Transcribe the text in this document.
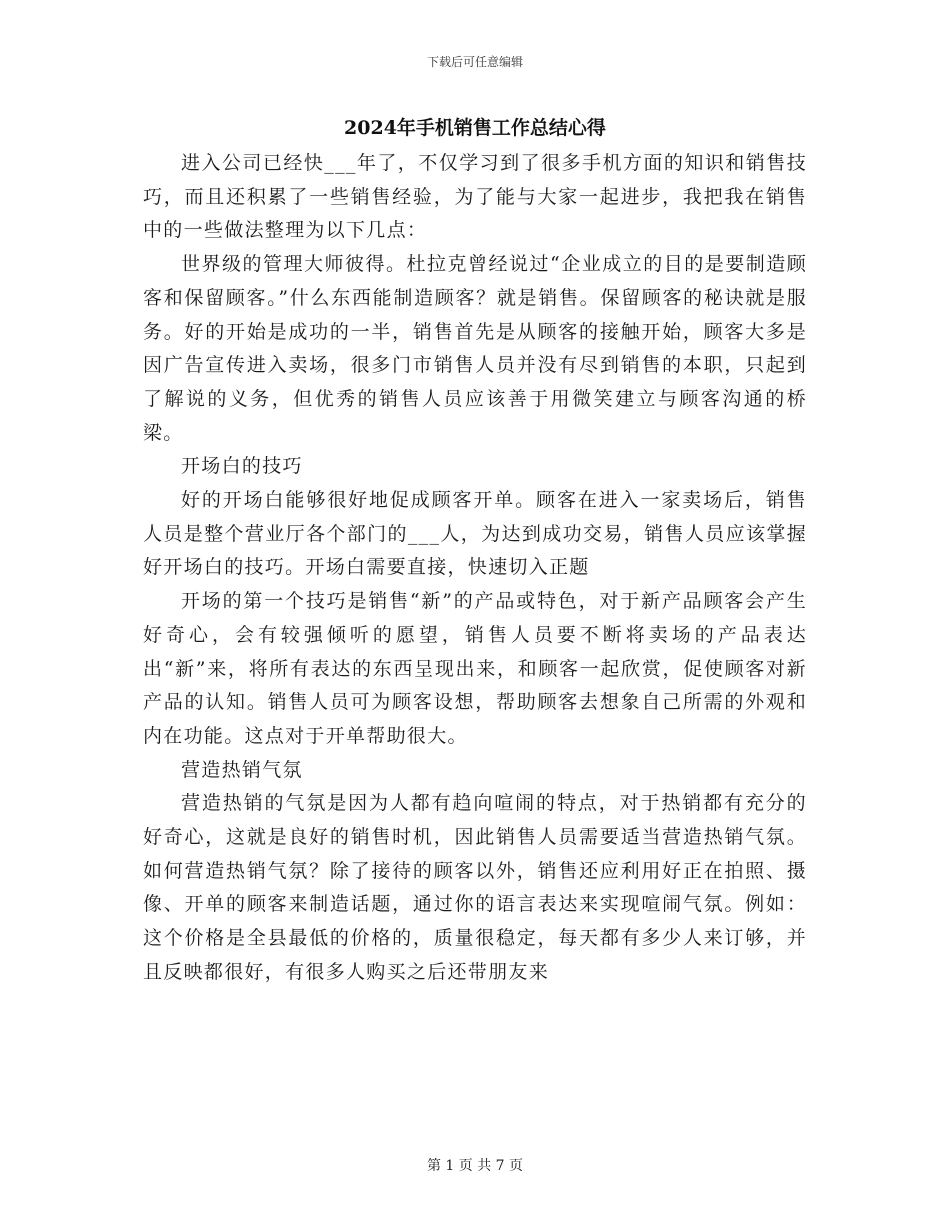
下载后可任意编辑
2024年手机销售工作总结心得

进入公司已经快___年了，不仅学习到了很多手机方面的知识和销售技巧，而且还积累了一些销售经验，为了能与大家一起进步，我把我在销售中的一些做法整理为以下几点：

世界级的管理大师彼得。杜拉克曾经说过“企业成立的目的是要制造顾客和保留顾客。”什么东西能制造顾客？就是销售。保留顾客的秘诀就是服务。好的开始是成功的一半，销售首先是从顾客的接触开始，顾客大多是因广告宣传进入卖场，很多门市销售人员并没有尽到销售的本职，只起到了解说的义务，但优秀的销售人员应该善于用微笑建立与顾客沟通的桥梁。

开场白的技巧

好的开场白能够很好地促成顾客开单。顾客在进入一家卖场后，销售人员是整个营业厅各个部门的___人，为达到成功交易，销售人员应该掌握好开场白的技巧。开场白需要直接，快速切入正题

开场的第一个技巧是销售“新”的产品或特色，对于新产品顾客会产生好奇心，会有较强倾听的愿望，销售人员要不断将卖场的产品表达出“新”来，将所有表达的东西呈现出来，和顾客一起欣赏，促使顾客对新产品的认知。销售人员可为顾客设想，帮助顾客去想象自己所需的外观和内在功能。这点对于开单帮助很大。

营造热销气氛

营造热销的气氛是因为人都有趋向喧闹的特点，对于热销都有充分的好奇心，这就是良好的销售时机，因此销售人员需要适当营造热销气氛。如何营造热销气氛？除了接待的顾客以外，销售还应利用好正在拍照、摄像、开单的顾客来制造话题，通过你的语言表达来实现喧闹气氛。例如：这个价格是全县最低的价格的，质量很稳定，每天都有多少人来订够，并且反映都很好，有很多人购买之后还带朋友来

第 1 页 共 7 页
